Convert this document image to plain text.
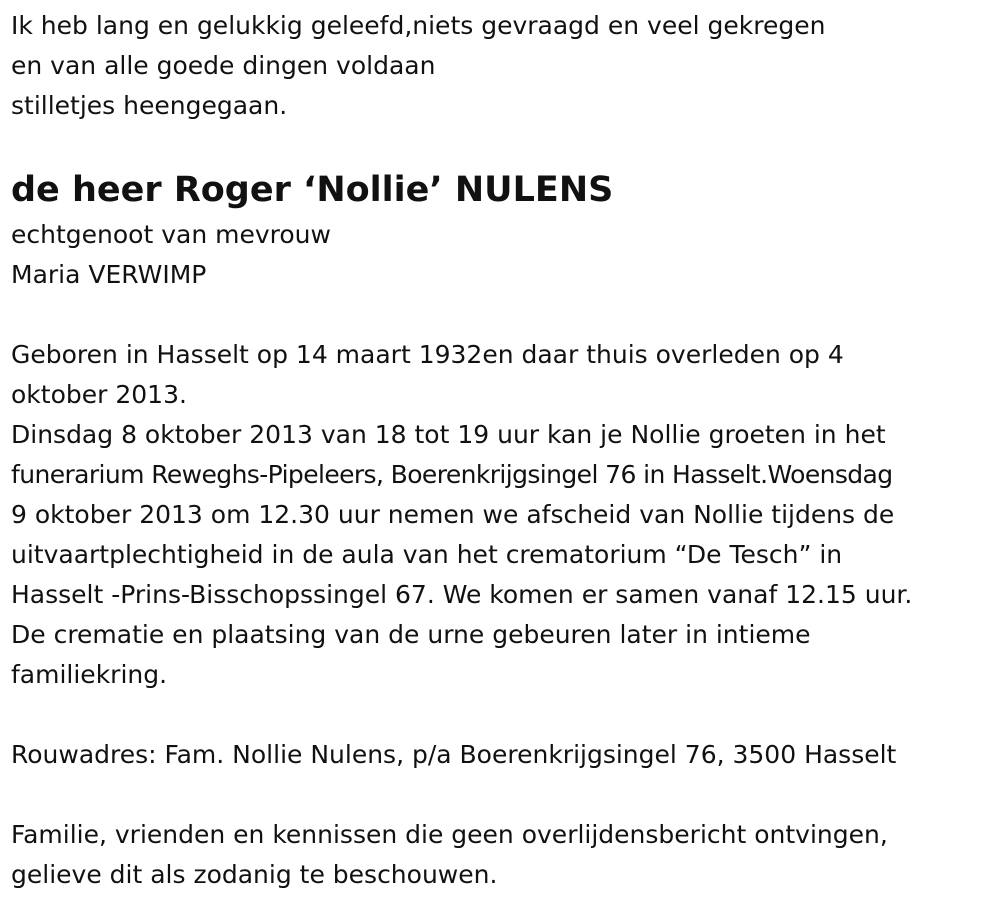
Ik heb lang en gelukkig geleefd,niets gevraagd en veel gekregen
en van alle goede dingen voldaan
stilletjes heengegaan.
de heer Roger ‘Nollie’ NULENS
echtgenoot van mevrouw
Maria VERWIMP
Geboren in Hasselt op 14 maart 1932en daar thuis overleden op 4
oktober 2013.
Dinsdag 8 oktober 2013 van 18 tot 19 uur kan je Nollie groeten in het
funerarium Reweghs-Pipeleers, Boerenkrijgsingel 76 in Hasselt.Woensdag
9 oktober 2013 om 12.30 uur nemen we afscheid van Nollie tijdens de
uitvaartplechtigheid in de aula van het crematorium “De Tesch” in
Hasselt -Prins-Bisschopssingel 67. We komen er samen vanaf 12.15 uur.
De crematie en plaatsing van de urne gebeuren later in intieme
familiekring.
Rouwadres: Fam. Nollie Nulens, p/a Boerenkrijgsingel 76, 3500 Hasselt
Familie, vrienden en kennissen die geen overlijdensbericht ontvingen,
gelieve dit als zodanig te beschouwen.
